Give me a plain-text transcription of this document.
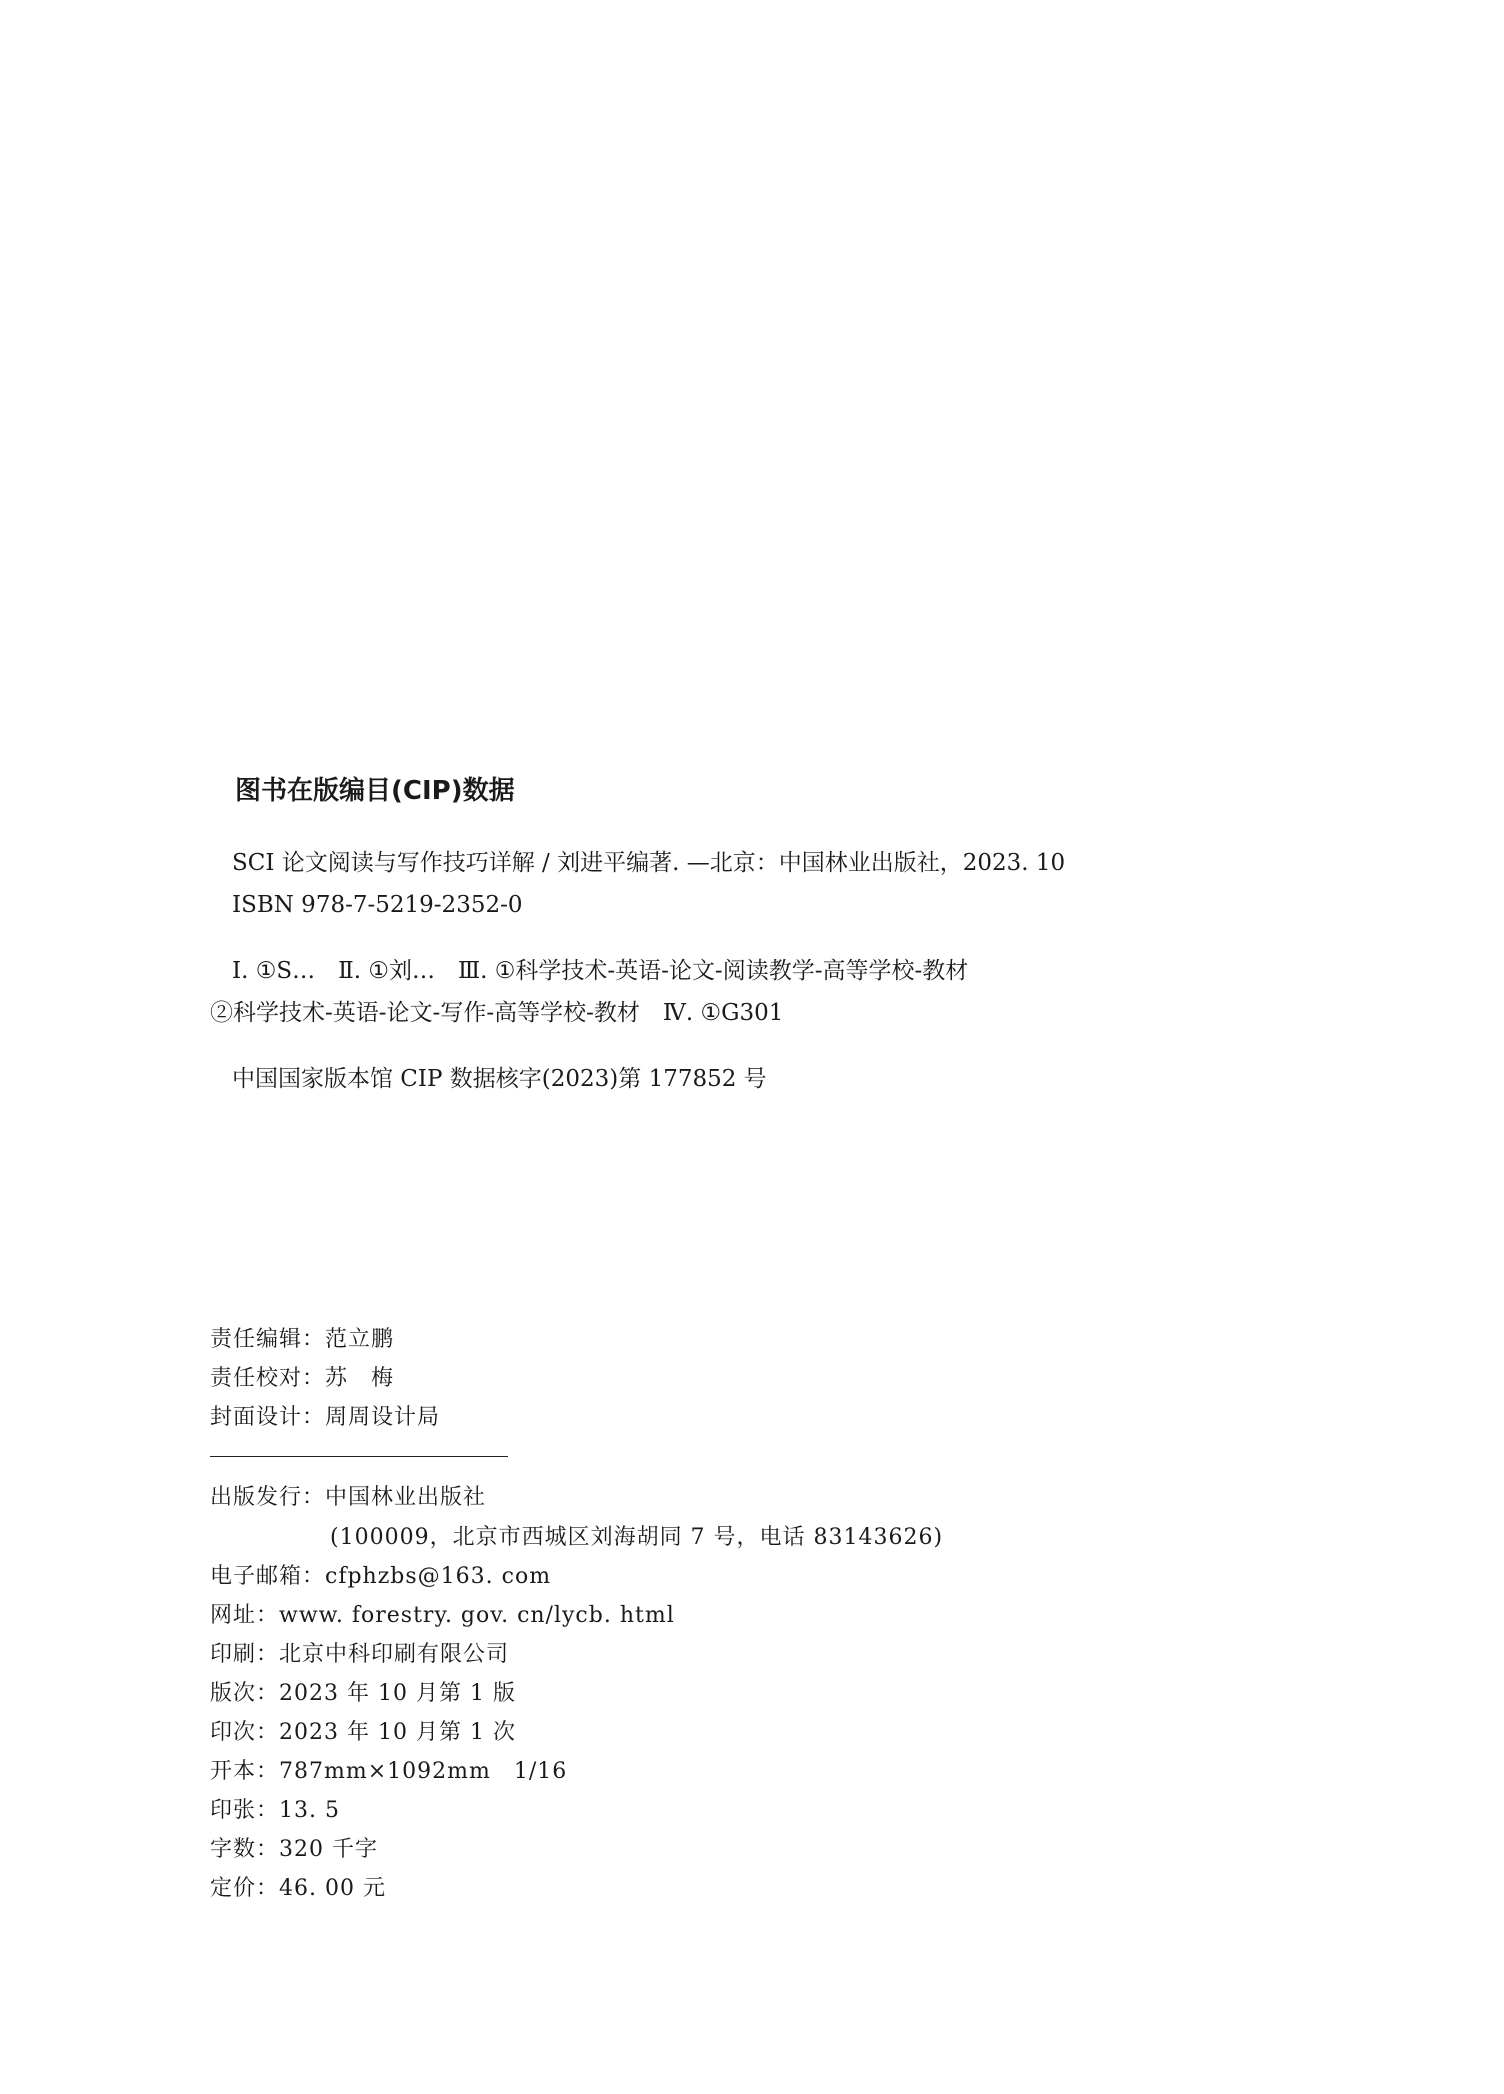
图书在版编目(CIP)数据
SCI 论文阅读与写作技巧详解 / 刘进平编著. —北京：中国林业出版社，2023. 10
ISBN 978-7-5219-2352-0
Ⅰ. ①S…　Ⅱ. ①刘…　Ⅲ. ①科学技术-英语-论文-阅读教学-高等学校-教材
②科学技术-英语-论文-写作-高等学校-教材　Ⅳ. ①G301
中国国家版本馆 CIP 数据核字(2023)第 177852 号
责任编辑：范立鹏
责任校对：苏　梅
封面设计：周周设计局
出版发行：中国林业出版社
(100009，北京市西城区刘海胡同 7 号，电话 83143626)
电子邮箱：cfphzbs@163. com
网址：www. forestry. gov. cn/lycb. html
印刷：北京中科印刷有限公司
版次：2023 年 10 月第 1 版
印次：2023 年 10 月第 1 次
开本：787mm×1092mm　1/16
印张：13. 5
字数：320 千字
定价：46. 00 元
